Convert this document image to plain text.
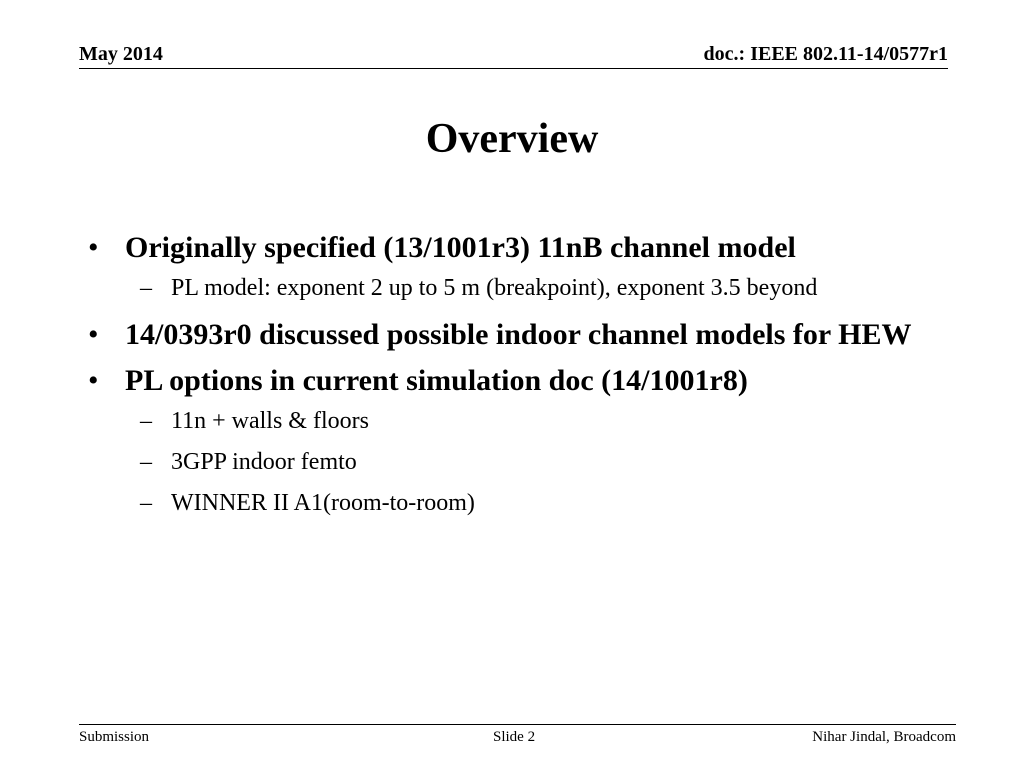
May 2014	doc.: IEEE 802.11-14/0577r1
Overview
• Originally specified (13/1001r3) 11nB channel model
– PL model: exponent 2 up to 5 m (breakpoint), exponent 3.5 beyond
• 14/0393r0 discussed possible indoor channel models for HEW
• PL options in current simulation doc (14/1001r8)
– 11n + walls & floors
– 3GPP indoor femto
– WINNER II A1(room-to-room)
Submission	Slide 2	Nihar Jindal, Broadcom
